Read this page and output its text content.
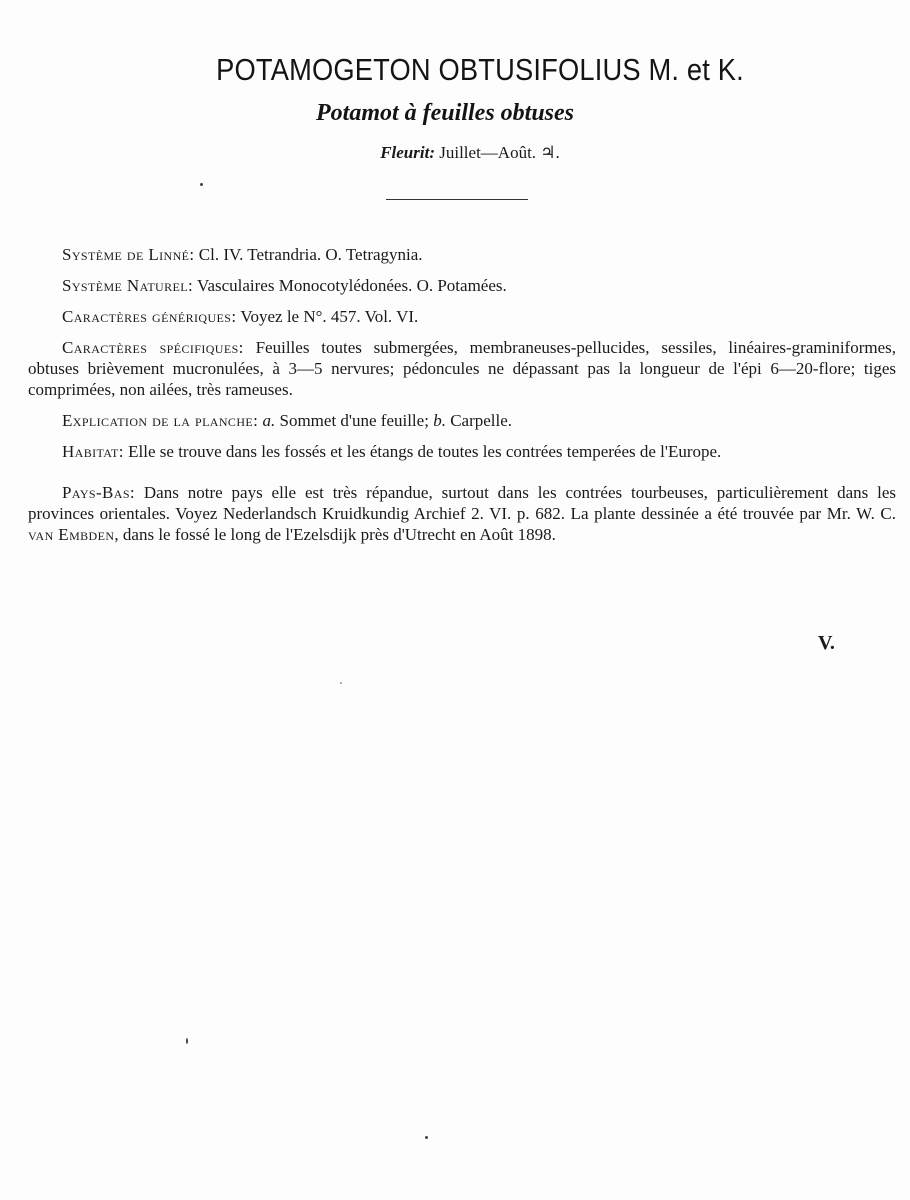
POTAMOGETON OBTUSIFOLIUS M. et K.
Potamot à feuilles obtuses
Fleurit: Juillet—Août. ♃.

Système de Linné: Cl. IV. Tetrandria. O. Tetragynia.

Système Naturel: Vasculaires Monocotylédonées. O. Potamées.

Caractères génériques: Voyez le N°. 457. Vol. VI.

Caractères spécifiques: Feuilles toutes submergées, membraneuses-pellucides, sessiles, linéaires-graminiformes, obtuses brièvement mucronulées, à 3—5 nervures; pédoncules ne dépassant pas la longueur de l'épi 6—20-flore; tiges comprimées, non ailées, très rameuses.

Explication de la planche: a. Sommet d'une feuille; b. Carpelle.

Habitat: Elle se trouve dans les fossés et les étangs de toutes les contrées temperées de l'Europe.

Pays-Bas: Dans notre pays elle est très répandue, surtout dans les contrées tourbeuses, particulièrement dans les provinces orientales. Voyez Nederlandsch Kruidkundig Archief 2. VI. p. 682. La plante dessinée a été trouvée par Mr. W. C. van Embden, dans le fossé le long de l'Ezelsdijk près d'Utrecht en Août 1898.

V.
